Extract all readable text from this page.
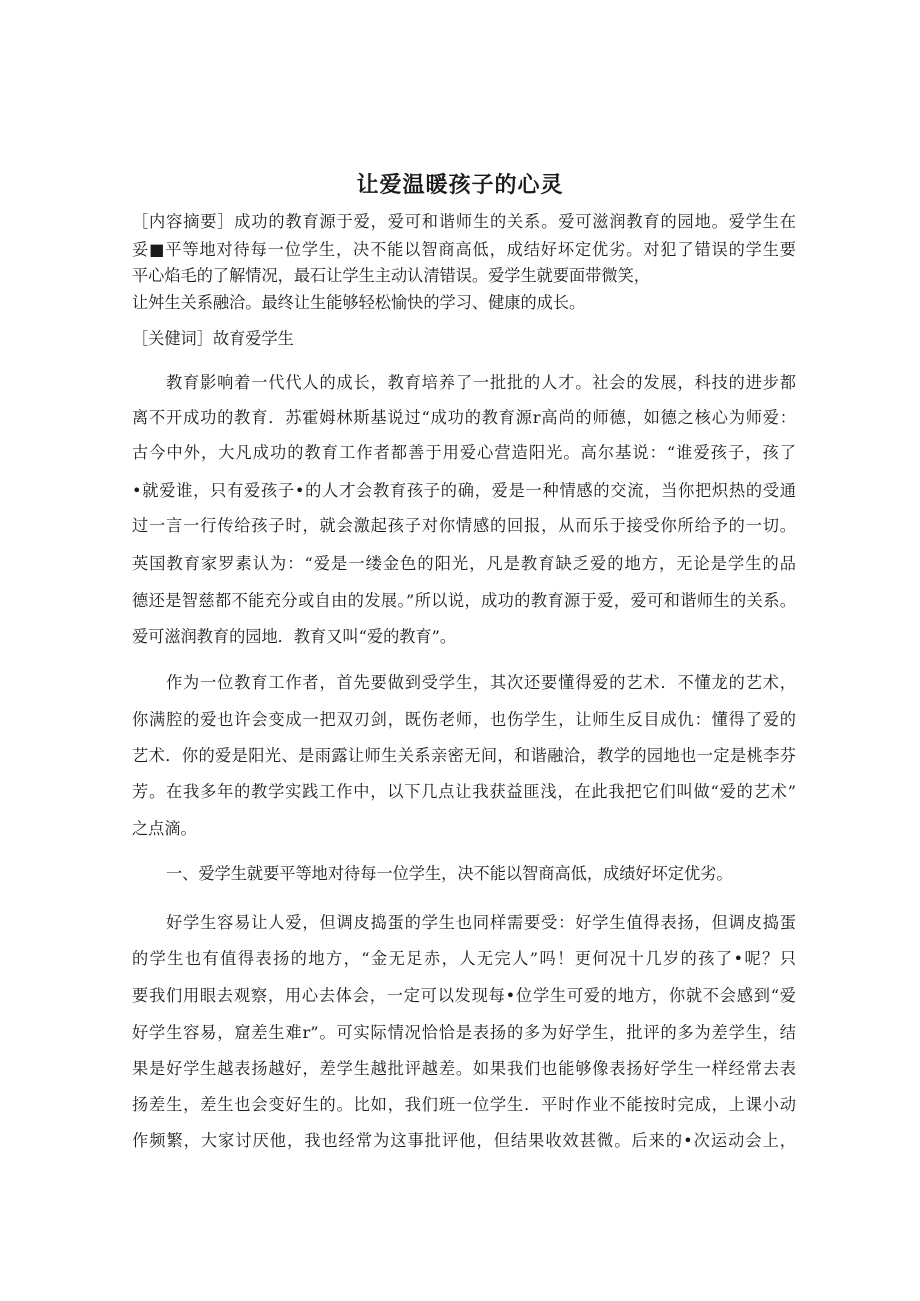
让爱温暖孩子的心灵

［内容摘要］成功的教育源于爱，爱可和谐师生的关系。爱可滋润教育的园地。爱学生在

妥■平等地对待每一位学生，决不能以智商高低，成结好坏定优劣。对犯了错误的学生要

平心焰毛的了解情况，最石让学生主动认清错误。爱学生就要面带微笑，

让舛生关系融洽。最终让生能够轻松愉快的学习、健康的成长。

［关健词］故育爱学生

教育影响着一代代人的成长，教育培养了一批批的人才。社会的发展，科技的进步都

离不开成功的教育．苏霍姆林斯基说过“成功的教育源r高尚的师德，如德之核心为师爱：

古今中外，大凡成功的教育工作者都善于用爱心营造阳光。高尔基说：“谁爱孩子，孩了

•就爱谁，只有爱孩子•的人才会教育孩子的确，爱是一种情感的交流，当你把炽热的受通

过一言一行传给孩子时，就会激起孩子对你情感的回报，从而乐于接受你所给予的一切。

英国教育家罗素认为：“爱是一缕金色的阳光，凡是教育缺乏爱的地方，无论是学生的品

德还是智慈都不能充分或自由的发展。”所以说，成功的教育源于爱，爱可和谐师生的关系。

爱可滋润教育的园地．教育又叫“爱的教育”。

作为一位教育工作者，首先要做到受学生，其次还要懂得爱的艺术．不懂龙的艺术，

你满腔的爱也许会变成一把双刃剑，既伤老师，也伤学生，让师生反目成仇：懂得了爱的

艺术．你的爱是阳光、是雨露让师生关系亲密无间，和谐融洽，教学的园地也一定是桃李芬

芳。在我多年的教学实践工作中，以下几点让我获益匪浅，在此我把它们叫做“爱的艺术”

之点滴。

一、爱学生就要平等地对待每一位学生，决不能以智商高低，成绩好坏定优劣。

好学生容易让人爱，但调皮捣蛋的学生也同样需要受：好学生值得表扬，但调皮捣蛋

的学生也有值得表扬的地方，“金无足赤，人无完人”吗！更何况十几岁的孩了•呢？只

要我们用眼去观察，用心去体会，一定可以发现每•位学生可爱的地方，你就不会感到“爱

好学生容易，窟差生难r”。可实际情况恰恰是表扬的多为好学生，批评的多为差学生，结

果是好学生越表扬越好，差学生越批评越差。如果我们也能够像表扬好学生一样经常去表

扬差生，差生也会变好生的。比如，我们班一位学生．平时作业不能按时完成，上课小动

作频繁，大家讨厌他，我也经常为这事批评他，但结果收效甚微。后来的•次运动会上，
